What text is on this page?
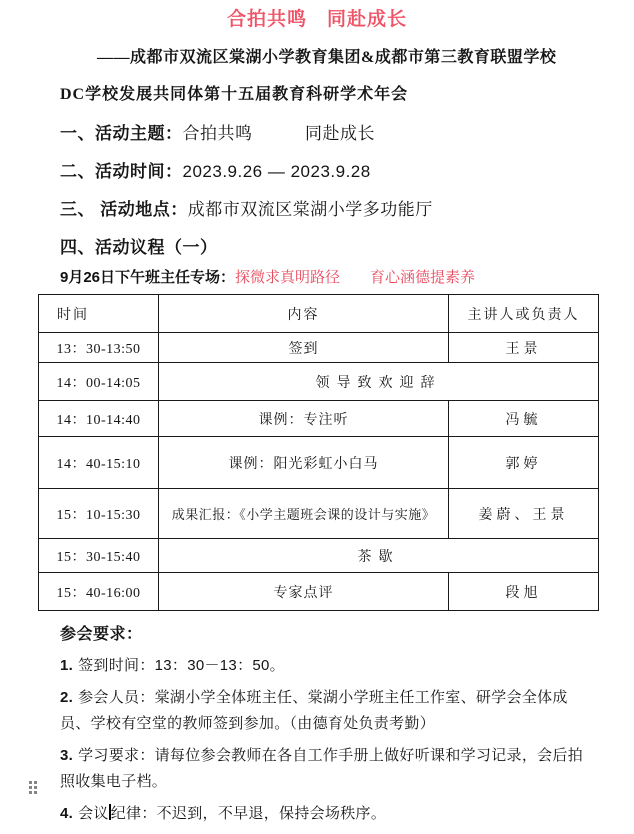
合拍共鸣　同赴成长
——成都市双流区棠湖小学教育集团&成都市第三教育联盟学校
DC学校发展共同体第十五届教育科研学术年会
一、活动主题：合拍共鸣　　　同赴成长
二、活动时间：2023.9.26 — 2023.9.28
三、 活动地点：成都市双流区棠湖小学多功能厅
四、活动议程（一）
9月26日下午班主任专场：探微求真明路径　　育心涵德提素养
时间	内容	主讲人或负责人
13：30-13:50	签到	王景
14：00-14:05	领导致欢迎辞	
14：10-14:40	课例：专注听	冯毓
14：40-15:10	课例：阳光彩虹小白马	郭婷
15：10-15:30	成果汇报：《小学主题班会课的设计与实施》	姜蔚、王景
15：30-15:40	茶歇	
15：40-16:00	专家点评	段旭
参会要求：

1. 签到时间：13：30－13：50。

2. 参会人员：棠湖小学全体班主任、棠湖小学班主任工作室、研学会全体成员、学校有空堂的教师签到参加。（由德育处负责考勤）

3. 学习要求：请每位参会教师在各自工作手册上做好听课和学习记录，会后拍照收集电子档。

4. 会议 纪律：不迟到，不早退，保持会场秩序。
